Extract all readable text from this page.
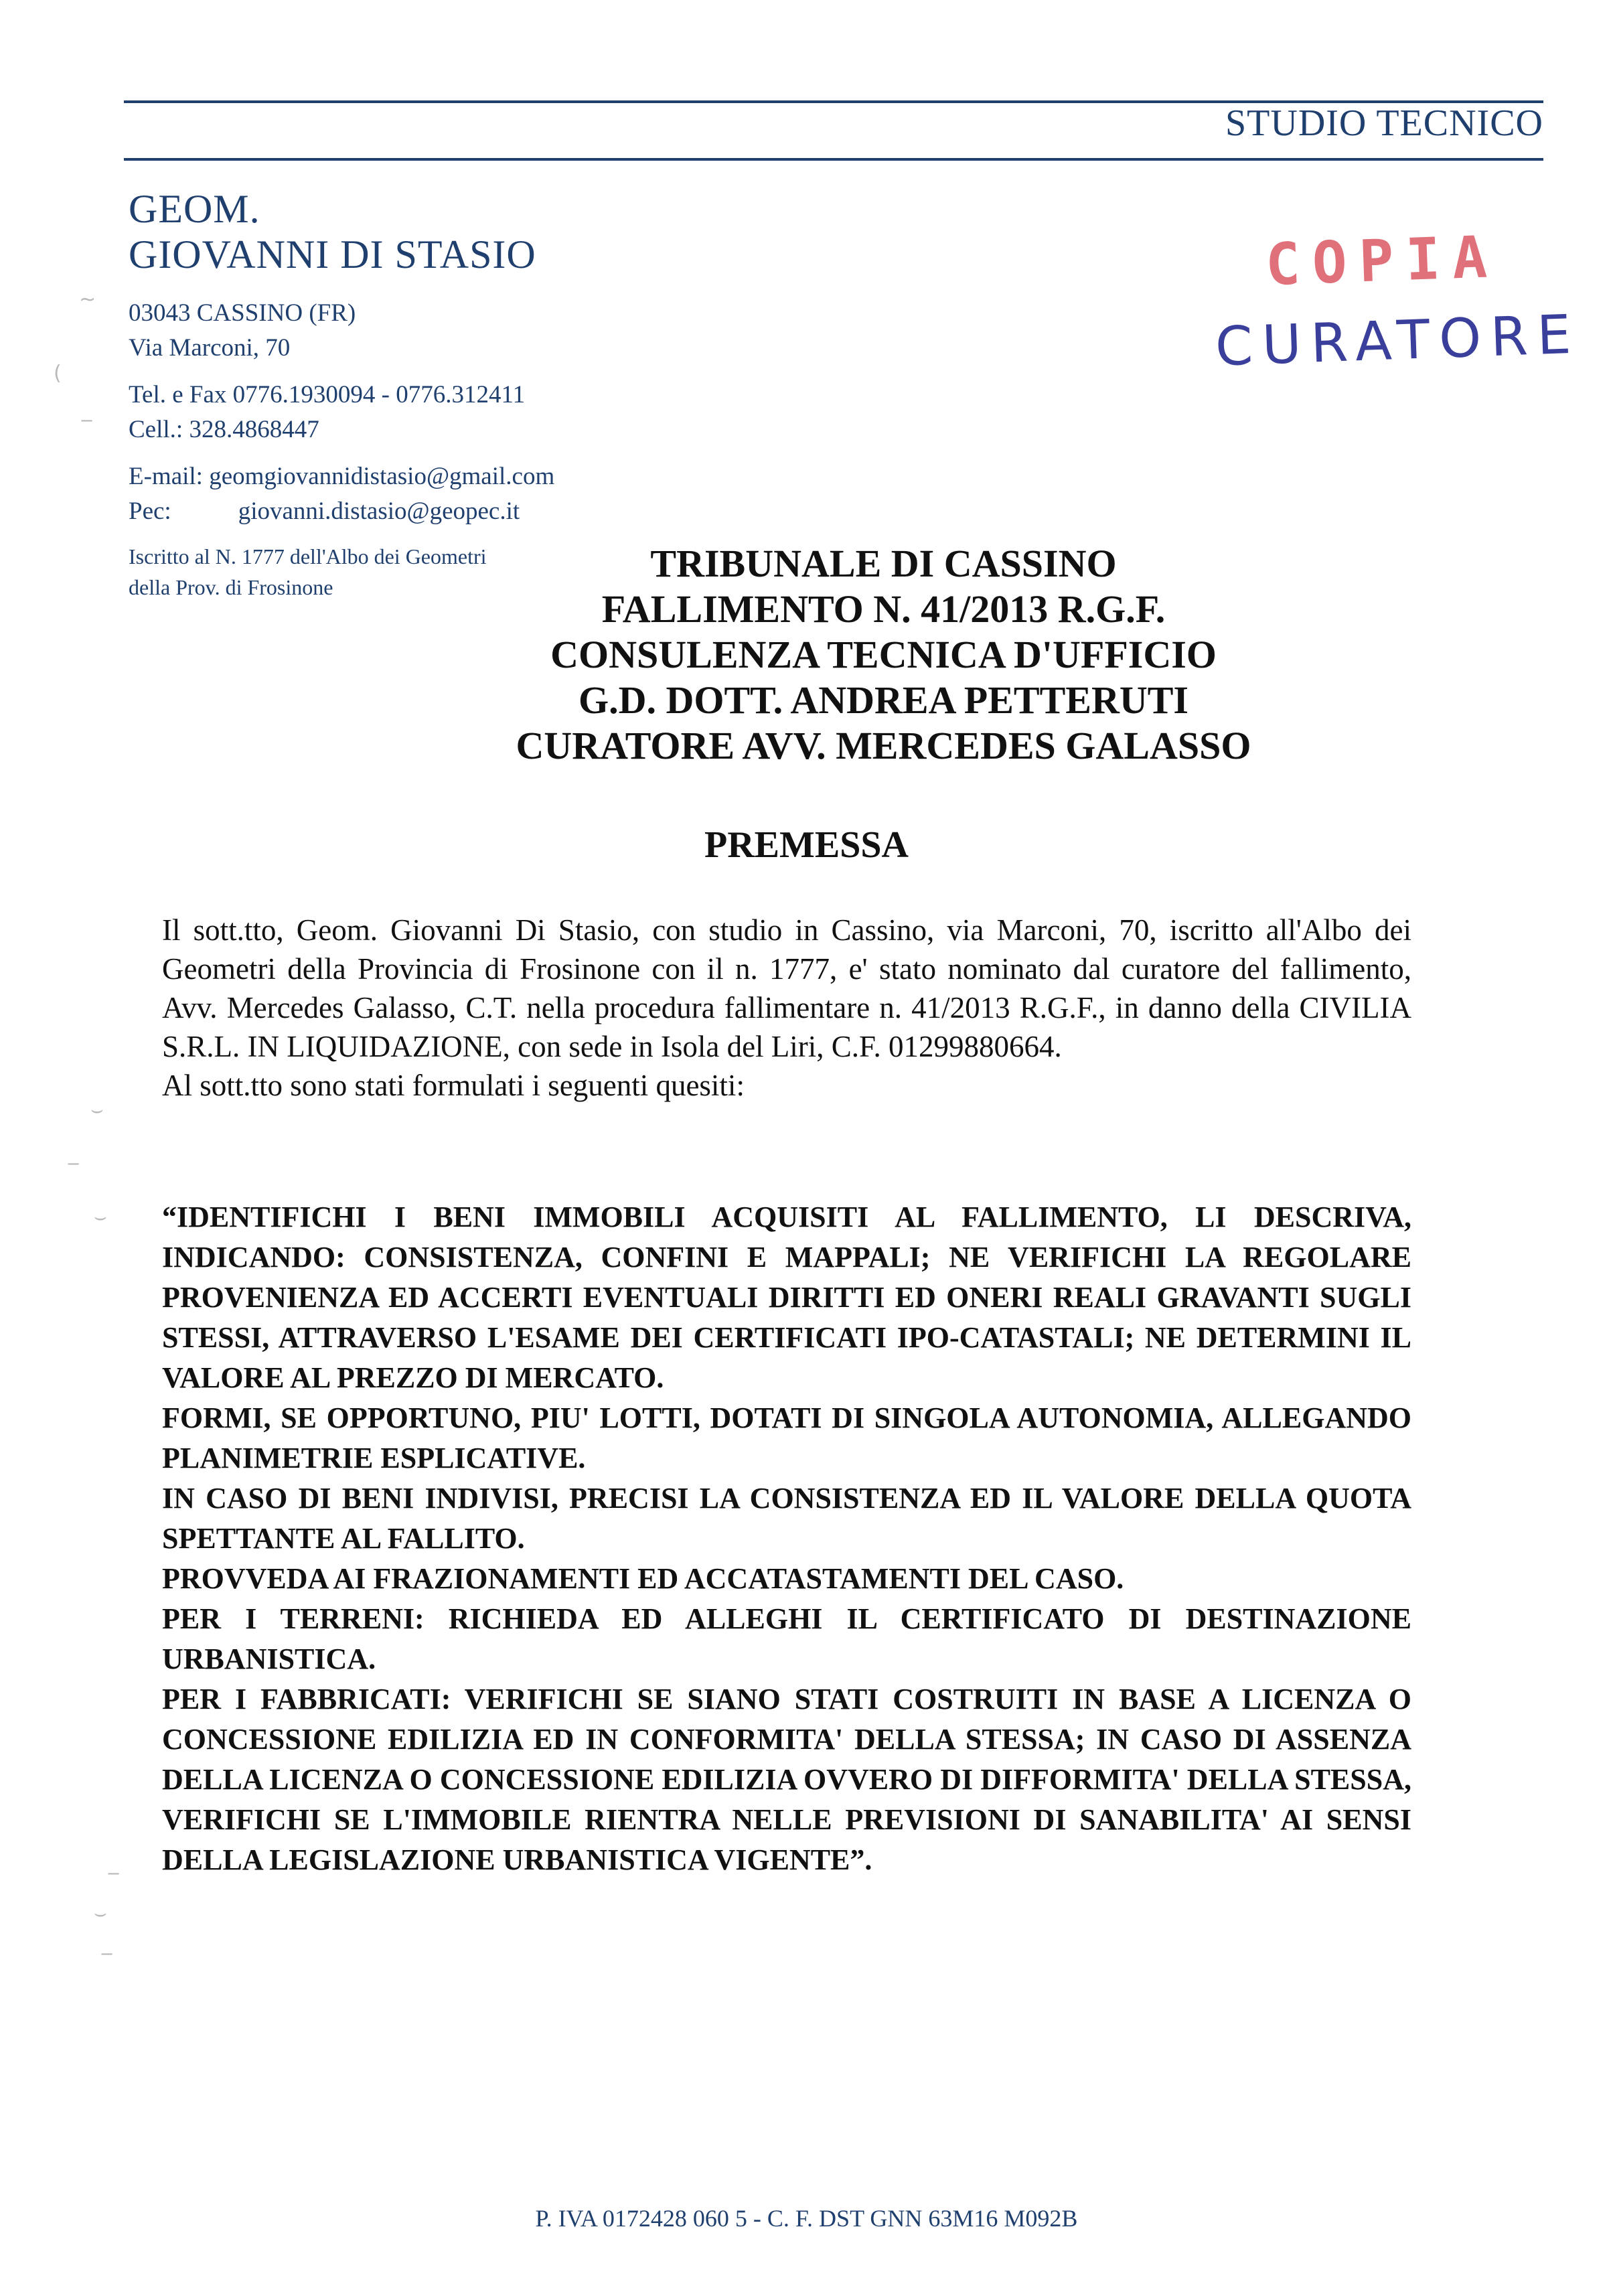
STUDIO TECNICO
GEOM.
GIOVANNI DI STASIO
03043 CASSINO (FR)
Via Marconi, 70
Tel. e Fax 0776.1930094 - 0776.312411
Cell.: 328.4868447
E-mail: geomgiovannidistasio@gmail.com
Pec:	giovanni.distasio@geopec.it
Iscritto al N. 1777 dell'Albo dei Geometri
della Prov. di Frosinone
COPIA
CURATORE
TRIBUNALE DI CASSINO
FALLIMENTO N. 41/2013 R.G.F.
CONSULENZA TECNICA D'UFFICIO
G.D. DOTT. ANDREA PETTERUTI
CURATORE AVV. MERCEDES GALASSO
PREMESSA

Il sott.tto, Geom. Giovanni Di Stasio, con studio in Cassino, via Marconi, 70, iscritto all'Albo dei Geometri della Provincia di Frosinone con il n. 1777, e' stato nominato dal curatore del fallimento, Avv. Mercedes Galasso, C.T. nella procedura fallimentare n. 41/2013 R.G.F., in danno della CIVILIA S.R.L. IN LIQUIDAZIONE, con sede in Isola del Liri, C.F. 01299880664.

Al sott.tto sono stati formulati i seguenti quesiti:

“IDENTIFICHI I BENI IMMOBILI ACQUISITI AL FALLIMENTO, LI DESCRIVA, INDICANDO: CONSISTENZA, CONFINI E MAPPALI; NE VERIFICHI LA REGOLARE PROVENIENZA ED ACCERTI EVENTUALI DIRITTI ED ONERI REALI GRAVANTI SUGLI STESSI, ATTRAVERSO L'ESAME DEI CERTIFICATI IPO-CATASTALI; NE DETERMINI IL VALORE AL PREZZO DI MERCATO.

FORMI, SE OPPORTUNO, PIU' LOTTI, DOTATI DI SINGOLA AUTONOMIA, ALLEGANDO PLANIMETRIE ESPLICATIVE.

IN CASO DI BENI INDIVISI, PRECISI LA CONSISTENZA ED IL VALORE DELLA QUOTA SPETTANTE AL FALLITO.

PROVVEDA AI FRAZIONAMENTI ED ACCATASTAMENTI DEL CASO.

PER I TERRENI: RICHIEDA ED ALLEGHI IL CERTIFICATO DI DESTINAZIONE URBANISTICA.

PER I FABBRICATI: VERIFICHI SE SIANO STATI COSTRUITI IN BASE A LICENZA O CONCESSIONE EDILIZIA ED IN CONFORMITA' DELLA STESSA; IN CASO DI ASSENZA DELLA LICENZA O CONCESSIONE EDILIZIA OVVERO DI DIFFORMITA' DELLA STESSA, VERIFICHI SE L'IMMOBILE RIENTRA NELLE PREVISIONI DI SANABILITA' AI SENSI DELLA LEGISLAZIONE URBANISTICA VIGENTE”.

P. IVA 0172428 060 5 - C. F. DST GNN 63M16 M092B
~
(
‒
⌣
‒
⌣
‒
⌣
‒
